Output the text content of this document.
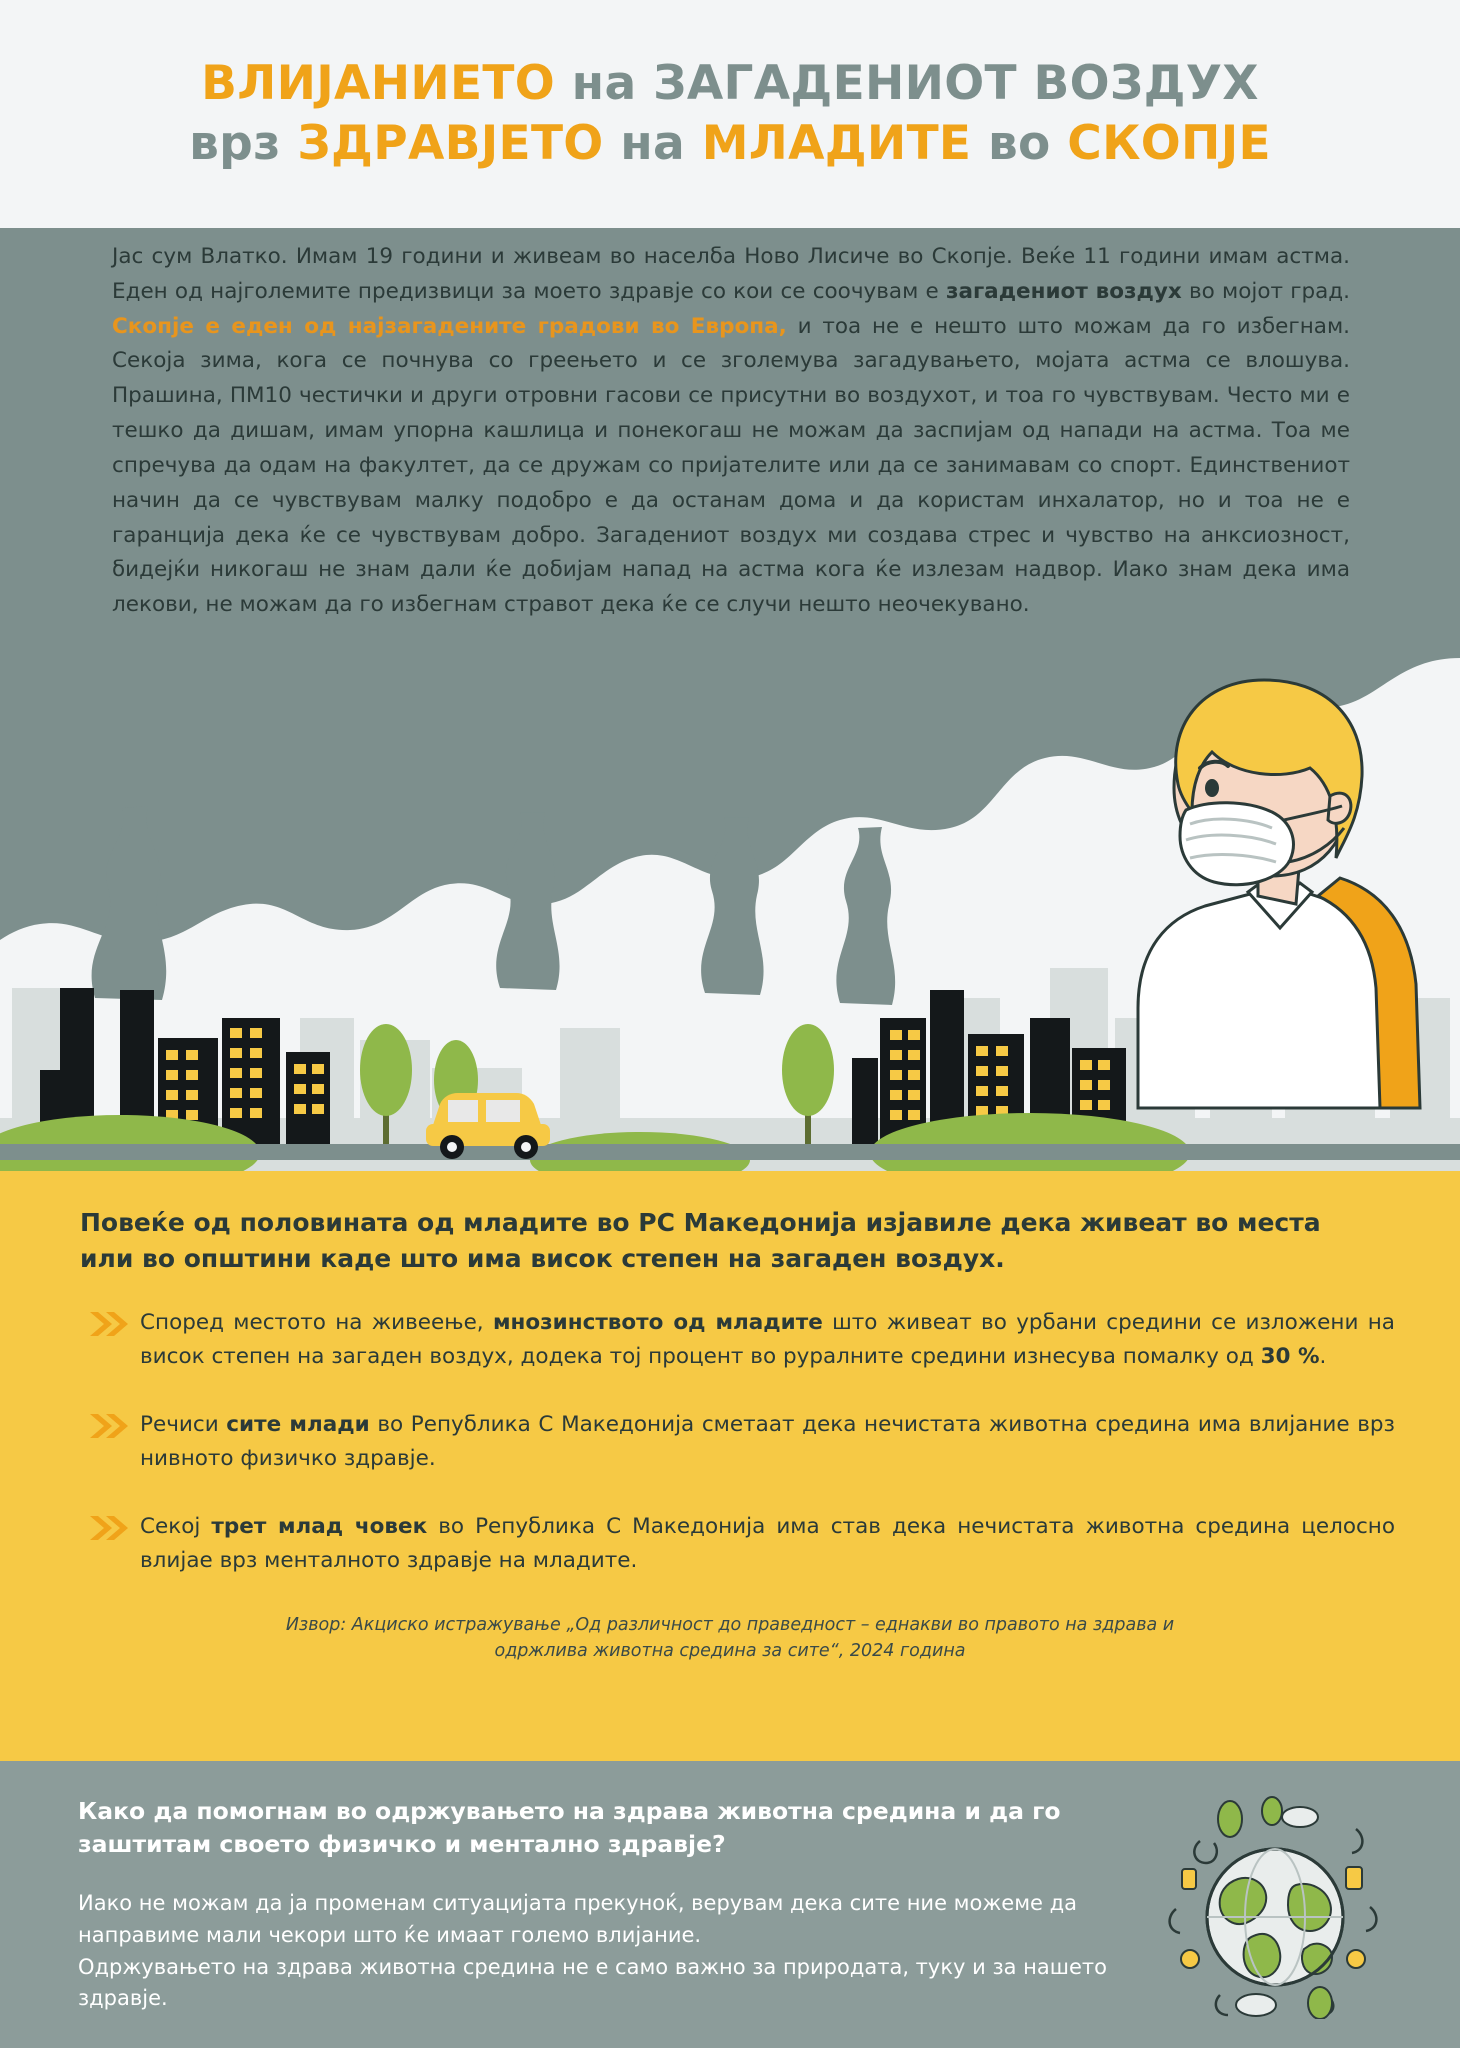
ВЛИЈАНИЕТО на ЗАГАДЕНИОТ ВОЗДУХ
врз ЗДРАВЈЕТО на МЛАДИТЕ во СКОПЈЕ

Јас сум Влатко. Имам 19 години и живеам во населба Ново Лисиче во Скопје. Веќе 11 години имам астма. Еден од најголемите предизвици за моето здравје со кои се соочувам е загадениот воздух во мојот град. Скопје е еден од најзагадените градови во Европа, и тоа не е нешто што можам да го избегнам. Секоја зима, кога се почнува со греењето и се зголемува загадувањето, мојата астма се влошува. Прашина, ПМ10 честички и други отровни гасови се присутни во воздухот, и тоа го чувствувам. Често ми е тешко да дишам, имам упорна кашлица и понекогаш не можам да заспијам од напади на астма. Тоа ме спречува да одам на факултет, да се дружам со пријателите или да се занимавам со спорт. Единствениот начин да се чувствувам малку подобро е да останам дома и да користам инхалатор, но и тоа не е гаранција дека ќе се чувствувам добро. Загадениот воздух ми создава стрес и чувство на анксиозност, бидејќи никогаш не знам дали ќе добијам напад на астма кога ќе излезам надвор. Иако знам дека има лекови, не можам да го избегнам стравот дека ќе се случи нешто неочекувано.

Повеќе од половината од младите во РС Македонија изјавиле дека живеат во места или во општини каде што има висок степен на загаден воздух.
Според местото на живеење, мнозинството од младите што живеат во урбани средини се изложени на висок степен на загаден воздух, додека тој процент во руралните средини изнесува помалку од 30 %.
Речиси сите млади во Република С Македонија сметаат дека нечистата животна средина има влијание врз нивното физичко здравје.
Секој трет млад човек во Република С Македонија има став дека нечистата животна средина целосно влијае врз менталното здравје на младите.
Извор: Акциско истражување „Од различност до праведност – еднакви во правото на здрава и одржлива животна средина за сите“, 2024 година
Како да помогнам во одржувањето на здрава животна средина и да го заштитам своето физичко и ментално здравје?
Иако не можам да ја променам ситуацијата прекуноќ, верувам дека сите ние можеме да направиме мали чекори што ќе имаат големо влијание.
Одржувањето на здрава животна средина не е само важно за природата, туку и за нашето здравје.
